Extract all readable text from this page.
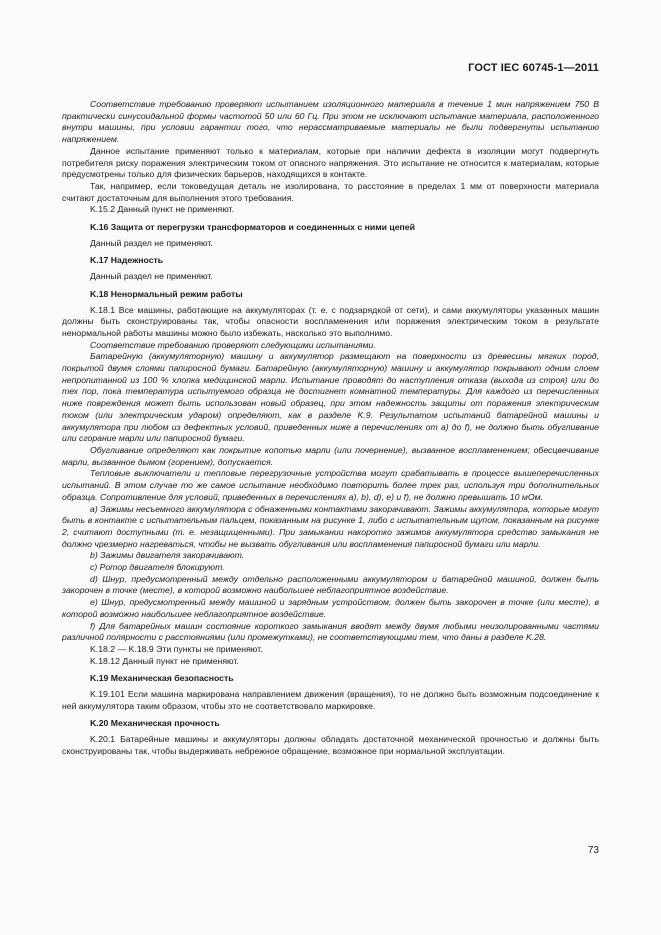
ГОСТ IEC 60745-1—2011

Соответствие требованию проверяют испытанием изоляционного материала в течение 1 мин напряжением 750 В практически синусоидальной формы частотой 50 или 60 Гц. При этом не исключают испытание материала, расположенного внутри машины, при условии гарантии того, что нерассматриваемые материалы не были подвергнуты испытанию напряжением.

Данное испытание применяют только к материалам, которые при наличии дефекта в изоляции могут подвергнуть потребителя риску поражения электрическим током от опасного напряжения. Это испытание не относится к материалам, которые предусмотрены только для физических барьеров, находящихся в контакте.

Так, например, если токоведущая деталь не изолирована, то расстояние в пределах 1 мм от поверхности материала считают достаточным для выполнения этого требования.

K.15.2 Данный пункт не применяют.

K.16 Защита от перегрузки трансформаторов и соединенных с ними цепей

Данный раздел не применяют.

K.17 Надежность

Данный раздел не применяют.

K.18 Ненормальный режим работы

K.18.1 Все машины, работающие на аккумуляторах (т. е. с подзарядкой от сети), и сами аккумуляторы указанных машин должны быть сконструированы так, чтобы опасности воспламенения или поражения электрическим током в результате ненормальной работы машины можно было избежать, насколько это выполнимо.

Соответствие требованию проверяют следующими испытаниями.

Батарейную (аккумуляторную) машину и аккумулятор размещают на поверхности из древесины мягких пород, покрытой двумя слоями папиросной бумаги. Батарейную (аккумуляторную) машину и аккумулятор покрывают одним слоем непропитанной из 100 % хлопка медицинской марли. Испытание проводят до наступления отказа (выхода из строя) или до тех пор, пока температура испытуемого образца не достигнет комнатной температуры. Для каждого из перечисленных ниже повреждения может быть использован новый образец, при этом надежность защиты от поражения электрическим током (или электрическим ударом) определяют, как в разделе K.9. Результатом испытаний батарейной машины и аккумулятора при любом из дефектных условий, приведенных ниже в перечислениях от a) до f), не должно быть обугливание или сгорание марли или папиросной бумаги.

Обугливание определяют как покрытие копотью марли (или почернение), вызванное воспламенением; обесцвечивание марли, вызванное дымом (горением), допускается.

Тепловые выключатели и тепловые перегрузочные устройства могут срабатывать в процессе вышеперечисленных испытаний. В этом случае то же самое испытание необходимо повторить более трех раз, используя три дополнительных образца. Сопротивление для условий, приведенных в перечислениях a), b), d), e) и f), не должно превышать 10 мОм.

a) Зажимы несъемного аккумулятора с обнаженными контактами закорачивают. Зажимы аккумулятора, которые могут быть в контакте с испытательным пальцем, показанным на рисунке 1, либо с испытательным щупом, показанным на рисунке 2, считают доступными (т. е. незащищенными). При замыкании накоротко зажимов аккумулятора средство замыкания не должно чрезмерно нагреваться, чтобы не вызвать обугливания или воспламенения папиросной бумаги или марли.

b) Зажимы двигателя закорачивают.

c) Ротор двигателя блокируют.

d) Шнур, предусмотренный между отдельно расположенными аккумулятором и батарейной машиной, должен быть закорочен в точке (месте), в которой возможно наибольшее неблагоприятное воздействие.

e) Шнур, предусмотренный между машиной и зарядным устройством, должен быть закорочен в точке (или месте), в которой возможно наибольшее неблагоприятное воздействие.

f) Для батарейных машин состояние короткого замыкания вводят между двумя любыми неизолированными частями различной полярности с расстояниями (или промежутками), не соответствующими тем, что даны в разделе K.28.

K.18.2 — K.18.9 Эти пункты не применяют.

K.18.12 Данный пункт не применяют.

K.19 Механическая безопасность

K.19.101 Если машина маркирована направлением движения (вращения), то не должно быть возможным подсоединение к ней аккумулятора таким образом, чтобы это не соответствовало маркировке.

K.20 Механическая прочность

K.20.1 Батарейные машины и аккумуляторы должны обладать достаточной механической прочностью и должны быть сконструированы так, чтобы выдерживать небрежное обращение, возможное при нормальной эксплуатации.

73
